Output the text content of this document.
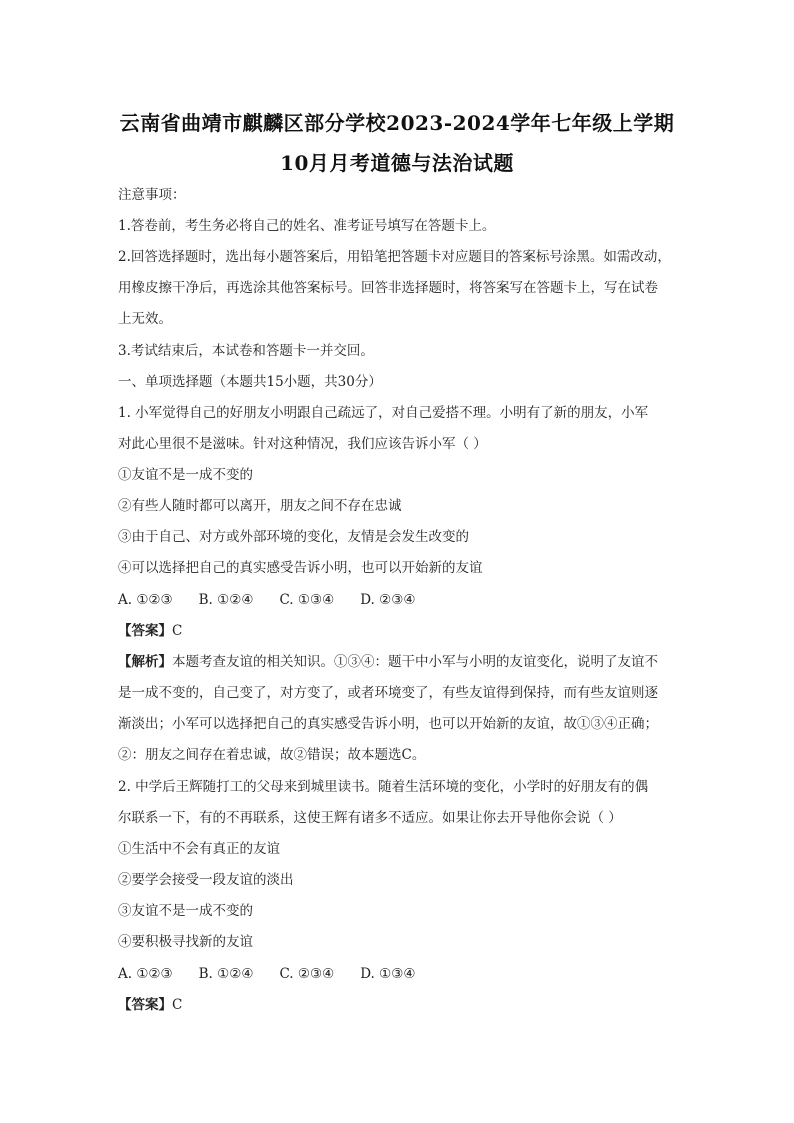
云南省曲靖市麒麟区部分学校2023-2024学年七年级上学期
10月月考道德与法治试题
注意事项：
1.答卷前，考生务必将自己的姓名、准考证号填写在答题卡上。
2.回答选择题时，选出每小题答案后，用铅笔把答题卡对应题目的答案标号涂黑。如需改动，
用橡皮擦干净后，再选涂其他答案标号。回答非选择题时，将答案写在答题卡上，写在试卷
上无效。
3.考试结束后，本试卷和答题卡一并交回。
一、单项选择题（本题共15小题，共30分）
1. 小军觉得自己的好朋友小明跟自己疏远了，对自己爱搭不理。小明有了新的朋友，小军
对此心里很不是滋味。针对这种情况，我们应该告诉小军（ ）
①友谊不是一成不变的
②有些人随时都可以离开，朋友之间不存在忠诚
③由于自己、对方或外部环境的变化，友情是会发生改变的
④可以选择把自己的真实感受告诉小明，也可以开始新的友谊
A. ①②③ B. ①②④ C. ①③④ D. ②③④
【答案】C
【解析】本题考查友谊的相关知识。①③④：题干中小军与小明的友谊变化，说明了友谊不
是一成不变的，自己变了，对方变了，或者环境变了，有些友谊得到保持，而有些友谊则逐
渐淡出；小军可以选择把自己的真实感受告诉小明，也可以开始新的友谊，故①③④正确；
②：朋友之间存在着忠诚，故②错误；故本题选C。
2. 中学后王辉随打工的父母来到城里读书。随着生活环境的变化，小学时的好朋友有的偶
尔联系一下，有的不再联系，这使王辉有诸多不适应。如果让你去开导他你会说（ ）
①生活中不会有真正的友谊
②要学会接受一段友谊的淡出
③友谊不是一成不变的
④要积极寻找新的友谊
A. ①②③ B. ①②④ C. ②③④ D. ①③④
【答案】C
